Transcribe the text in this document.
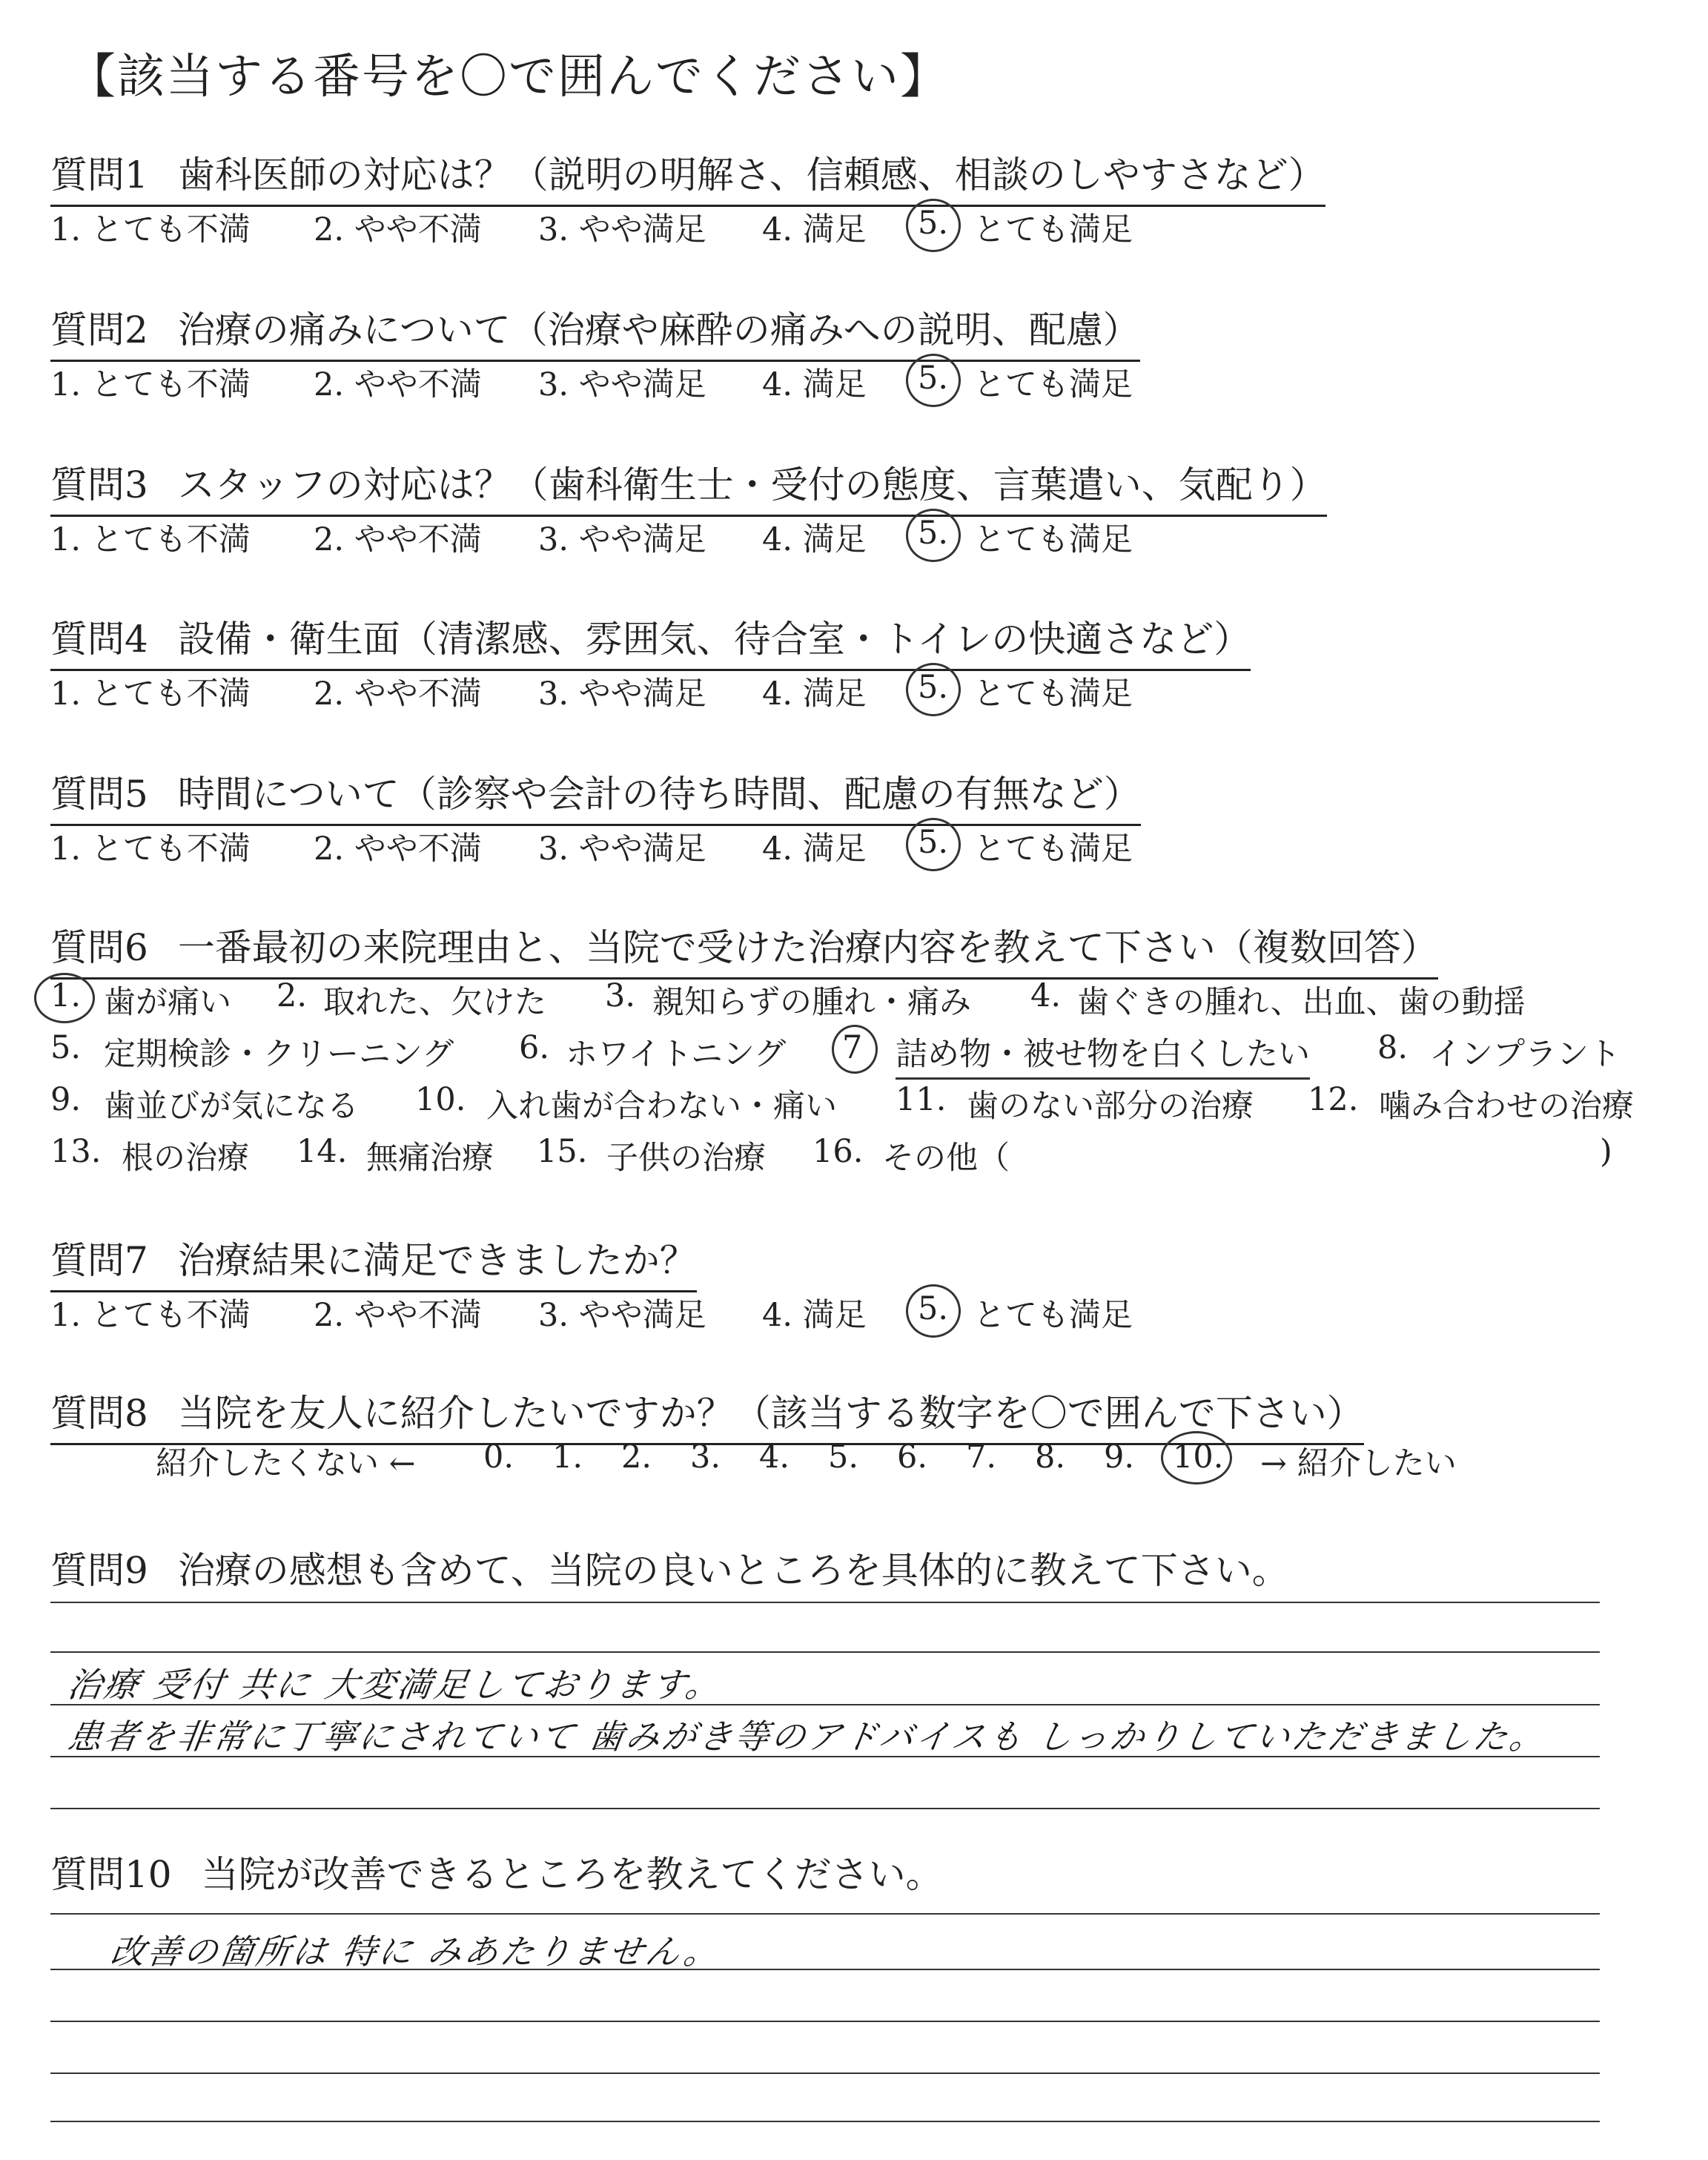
【該当する番号を〇で囲んでください】
質問1 歯科医師の対応は？（説明の明解さ、信頼感、相談のしやすさなど）
1. とても不満 2. やや不満 3. やや満足 4. 満足 5. とても満足
質問2 治療の痛みについて（治療や麻酔の痛みへの説明、配慮）
1. とても不満 2. やや不満 3. やや満足 4. 満足 5. とても満足
質問3 スタッフの対応は？（歯科衛生士・受付の態度、言葉遣い、気配り）
1. とても不満 2. やや不満 3. やや満足 4. 満足 5. とても満足
質問4 設備・衛生面（清潔感、雰囲気、待合室・トイレの快適さなど）
1. とても不満 2. やや不満 3. やや満足 4. 満足 5. とても満足
質問5 時間について（診察や会計の待ち時間、配慮の有無など）
1. とても不満 2. やや不満 3. やや満足 4. 満足 5. とても満足
質問6 一番最初の来院理由と、当院で受けた治療内容を教えて下さい（複数回答）
1. 歯が痛い 2. 取れた、欠けた 3. 親知らずの腫れ・痛み 4. 歯ぐきの腫れ、出血、歯の動揺
5. 定期検診・クリーニング 6. ホワイトニング 7 詰め物・被せ物を白くしたい 8. インプラント
9. 歯並びが気になる 10. 入れ歯が合わない・痛い 11. 歯のない部分の治療 12. 噛み合わせの治療
13. 根の治療 14. 無痛治療 15. 子供の治療 16. その他（	)
質問7 治療結果に満足できましたか？
1. とても不満 2. やや不満 3. やや満足 4. 満足 5. とても満足
質問8 当院を友人に紹介したいですか？（該当する数字を〇で囲んで下さい）
紹介したくない ← 0. 1. 2. 3. 4. 5. 6. 7. 8. 9. 10. → 紹介したい
質問9 治療の感想も含めて、当院の良いところを具体的に教えて下さい。
治療 受付 共に 大変満足しております。
患者を非常に丁寧にされていて 歯みがき等のアドバイスも しっかりしていただきました。
質問10 当院が改善できるところを教えてください。
改善の箇所は 特に みあたりません。
